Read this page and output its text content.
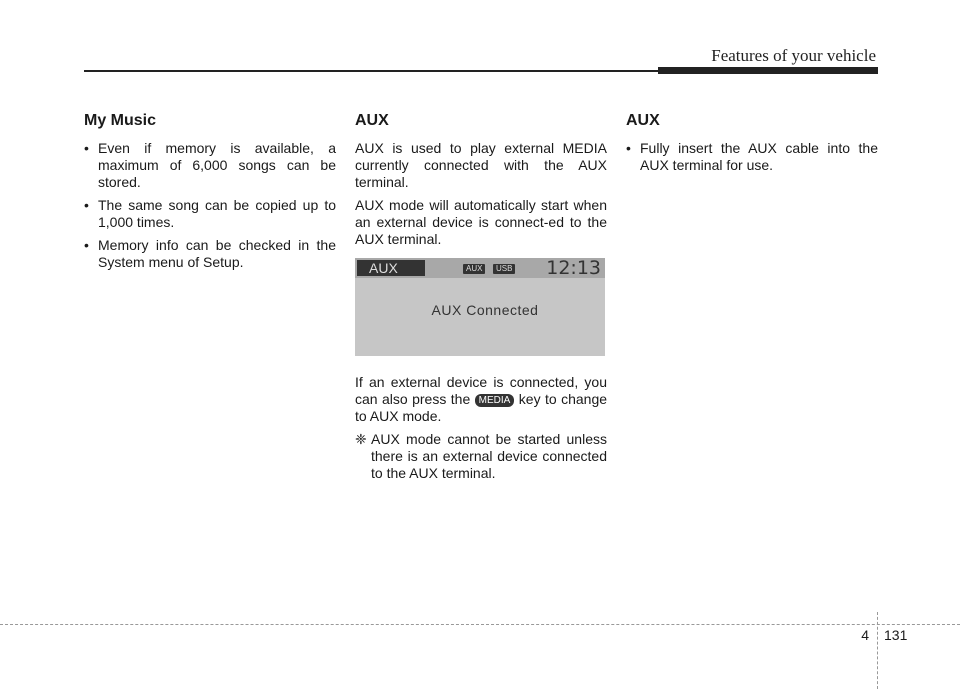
Features of your vehicle
My Music
• Even if memory is available, a maximum of 6,000 songs can be stored.
• The same song can be copied up to 1,000 times.
• Memory info can be checked in the System menu of Setup.
AUX

AUX is used to play external MEDIA currently connected with the AUX terminal.

AUX mode will automatically start when an external device is connect-ed to the AUX terminal.

AUX	AUX	USB 12:13
AUX Connected

If an external device is connected, you can also press the MEDIA key to change to AUX mode.

❈ AUX mode cannot be started unless there is an external device connected to the AUX terminal.
AUX
• Fully insert the AUX cable into the AUX terminal for use.
4 131
